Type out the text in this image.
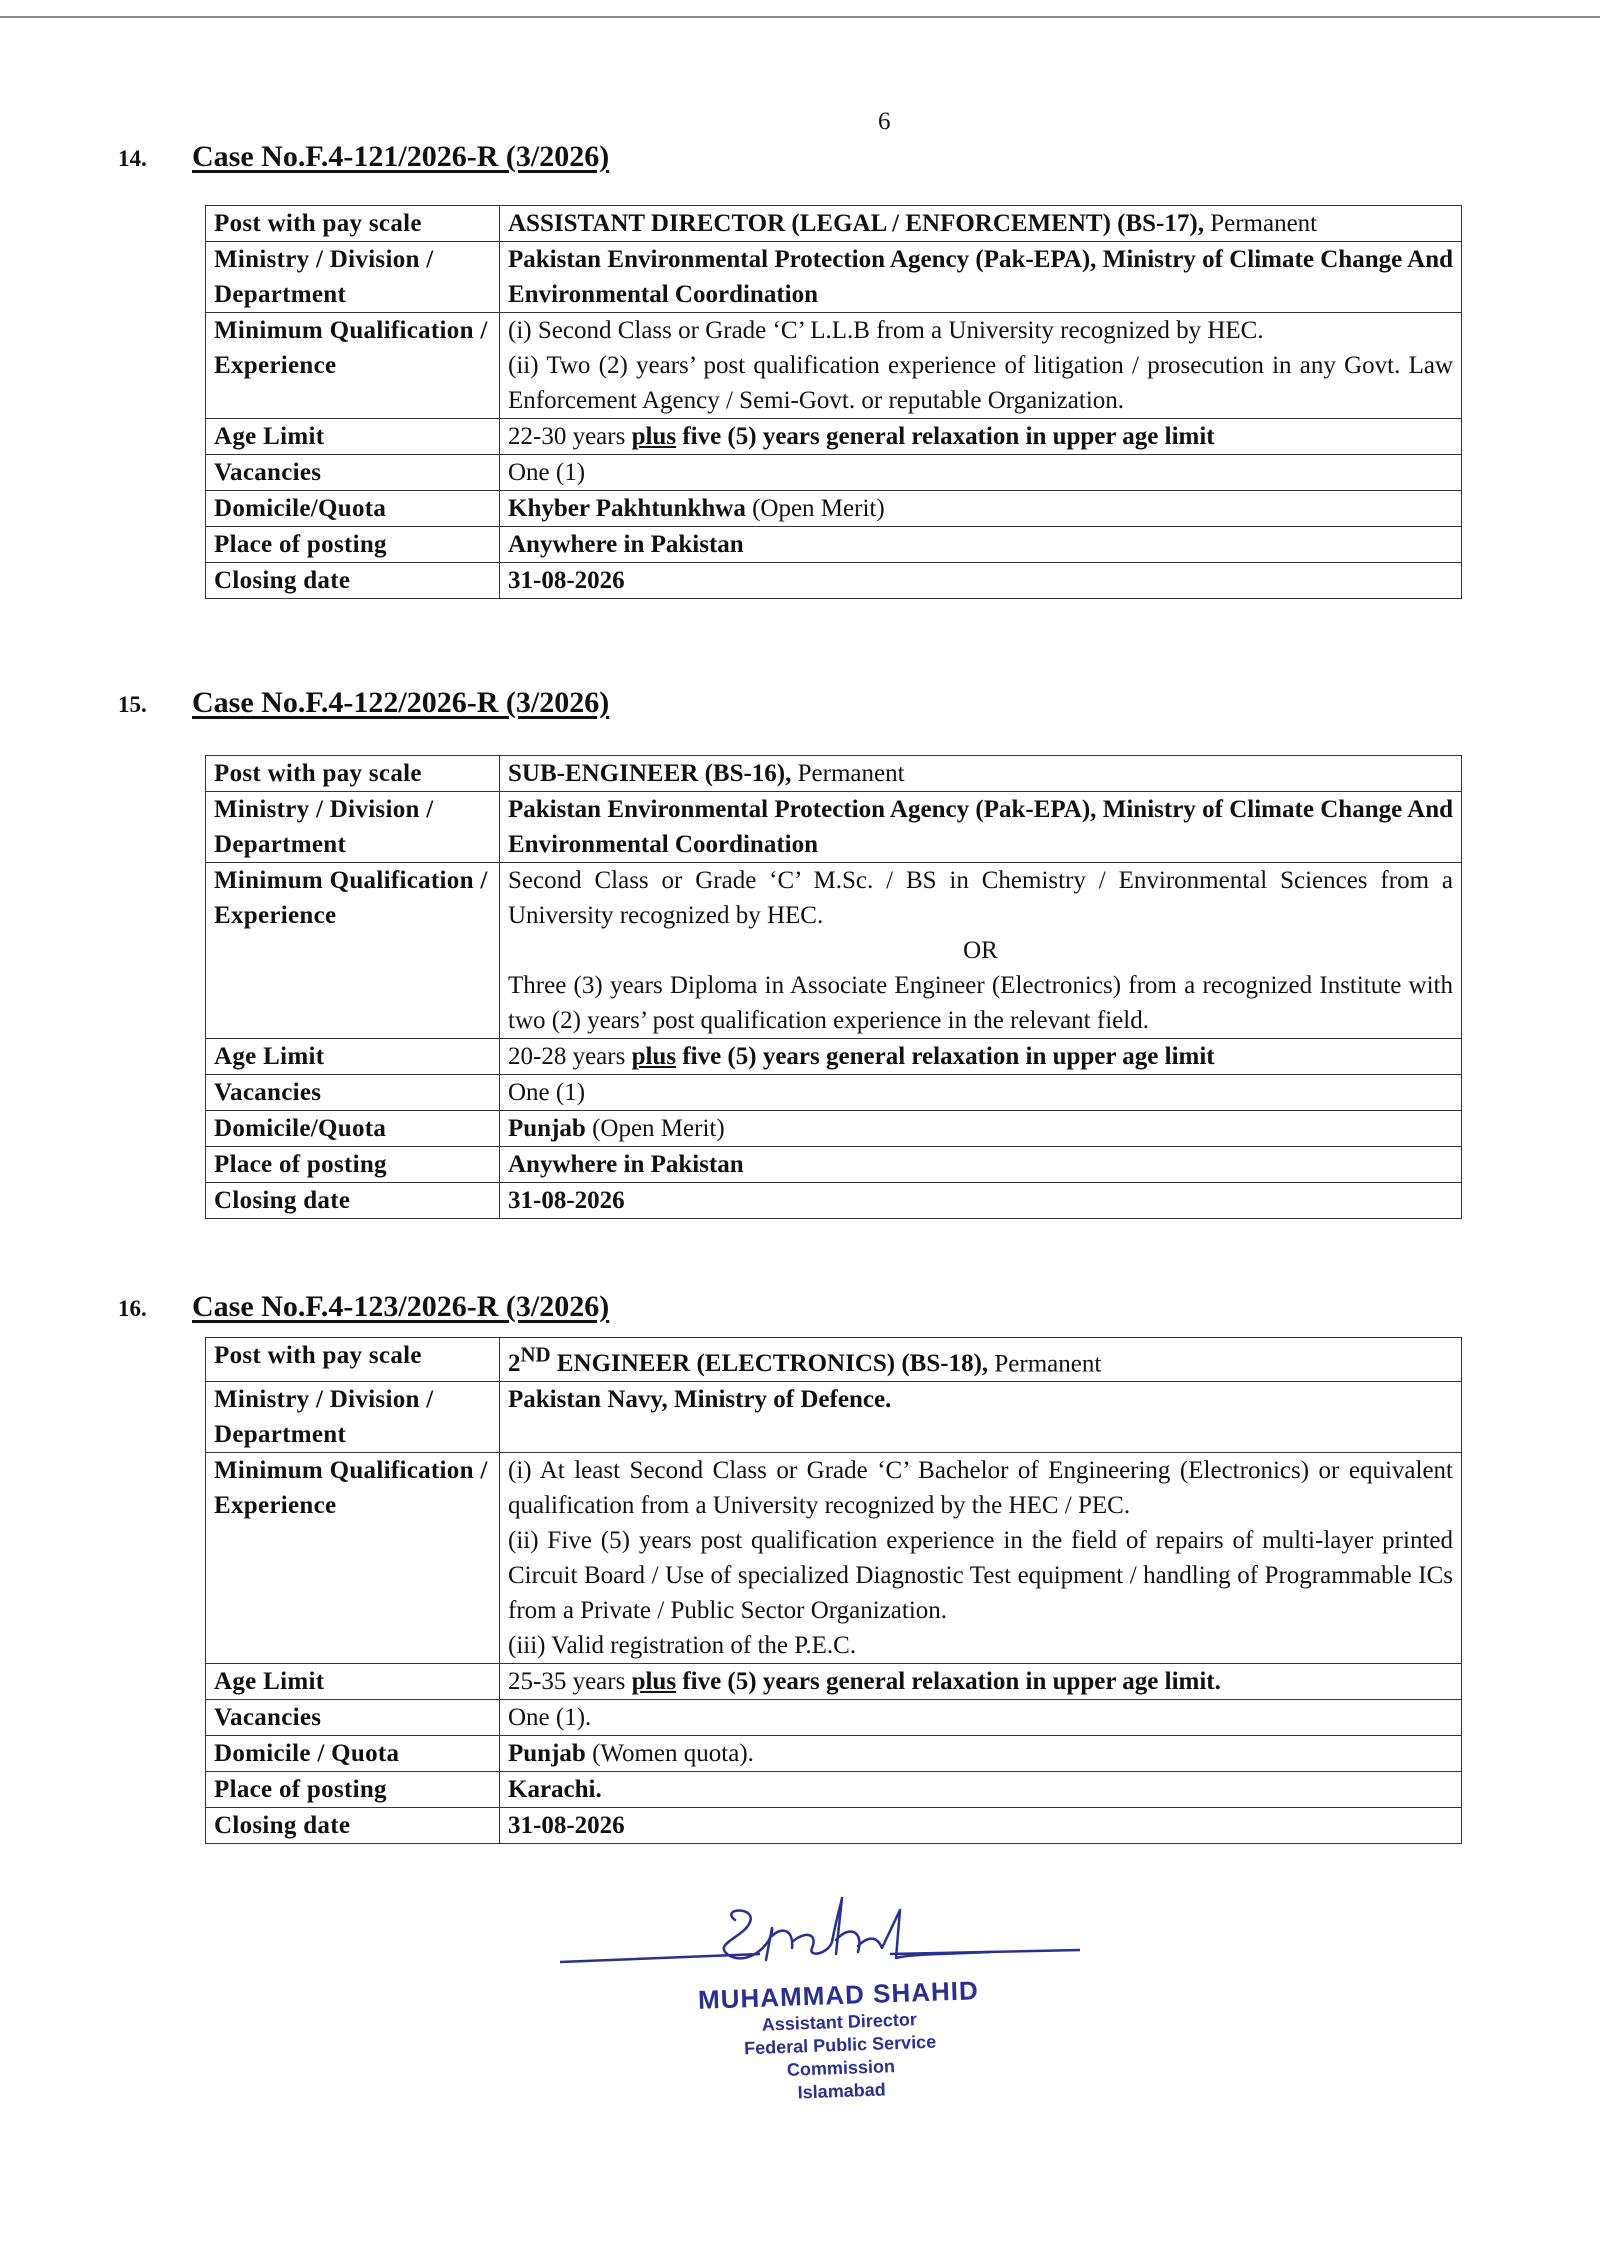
6
14.	Case No.F.4-121/2026-R (3/2026)
Post with pay scale	ASSISTANT DIRECTOR (LEGAL / ENFORCEMENT) (BS-17), Permanent
Ministry / Division / Department	Pakistan Environmental Protection Agency (Pak-EPA), Ministry of Climate Change And Environmental Coordination
Minimum Qualification / Experience	(i) Second Class or Grade ‘C’ L.L.B from a University recognized by HEC.
(ii) Two (2) years’ post qualification experience of litigation / prosecution in any Govt. Law Enforcement Agency / Semi-Govt. or reputable Organization.
Age Limit	22-30 years plus five (5) years general relaxation in upper age limit
Vacancies	One (1)
Domicile/Quota	Khyber Pakhtunkhwa (Open Merit)
Place of posting	Anywhere in Pakistan
Closing date	31-08-2026
15.	Case No.F.4-122/2026-R (3/2026)
Post with pay scale	SUB-ENGINEER (BS-16), Permanent
Ministry / Division / Department	Pakistan Environmental Protection Agency (Pak-EPA), Ministry of Climate Change And Environmental Coordination
Minimum Qualification / Experience	Second Class or Grade ‘C’ M.Sc. / BS in Chemistry / Environmental Sciences from a University recognized by HEC.
OR
Three (3) years Diploma in Associate Engineer (Electronics) from a recognized Institute with two (2) years’ post qualification experience in the relevant field.
Age Limit	20-28 years plus five (5) years general relaxation in upper age limit
Vacancies	One (1)
Domicile/Quota	Punjab (Open Merit)
Place of posting	Anywhere in Pakistan
Closing date	31-08-2026
16.	Case No.F.4-123/2026-R (3/2026)
Post with pay scale	2ND ENGINEER (ELECTRONICS) (BS-18), Permanent
Ministry / Division / Department	Pakistan Navy, Ministry of Defence.
Minimum Qualification / Experience	(i) At least Second Class or Grade ‘C’ Bachelor of Engineering (Electronics) or equivalent qualification from a University recognized by the HEC / PEC.
(ii) Five (5) years post qualification experience in the field of repairs of multi-layer printed Circuit Board / Use of specialized Diagnostic Test equipment / handling of Programmable ICs from a Private / Public Sector Organization.
(iii) Valid registration of the P.E.C.
Age Limit	25-35 years plus five (5) years general relaxation in upper age limit.
Vacancies	One (1).
Domicile / Quota	Punjab (Women quota).
Place of posting	Karachi.
Closing date	31-08-2026
MUHAMMAD SHAHID
Assistant Director
Federal Public Service Commission
Islamabad
